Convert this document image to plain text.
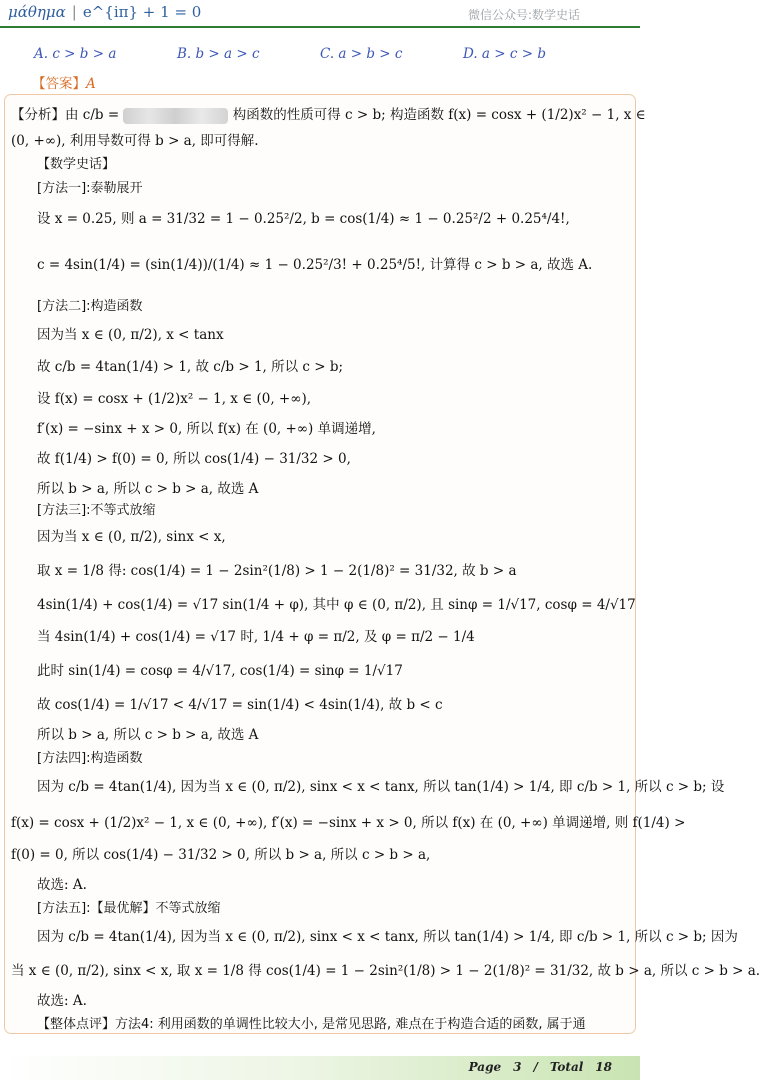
μάθημα | e^{iπ} + 1 = 0	微信公众号:数学史话
A. c > b > a	B. b > a > c	C. a > b > c	D. a > c > b
【答案】A
【分析】由 c/b =	构函数的性质可得 c > b; 构造函数 f(x) = cosx + (1/2)x² − 1, x ∈
(0, +∞), 利用导数可得 b > a, 即可得解.
【数学史话】
[方法一]:泰勒展开
设 x = 0.25, 则 a = 31/32 = 1 − 0.25²/2, b = cos(1/4) ≈ 1 − 0.25²/2 + 0.25⁴/4!,
c = 4sin(1/4) = (sin(1/4))/(1/4) ≈ 1 − 0.25²/3! + 0.25⁴/5!, 计算得 c > b > a, 故选 A.
[方法二]:构造函数
因为当 x ∈ (0, π/2), x < tanx
故 c/b = 4tan(1/4) > 1, 故 c/b > 1, 所以 c > b;
设 f(x) = cosx + (1/2)x² − 1, x ∈ (0, +∞),
f′(x) = −sinx + x > 0, 所以 f(x) 在 (0, +∞) 单调递增,
故 f(1/4) > f(0) = 0, 所以 cos(1/4) − 31/32 > 0,
所以 b > a, 所以 c > b > a, 故选 A
[方法三]:不等式放缩
因为当 x ∈ (0, π/2), sinx < x,
取 x = 1/8 得: cos(1/4) = 1 − 2sin²(1/8) > 1 − 2(1/8)² = 31/32, 故 b > a
4sin(1/4) + cos(1/4) = √17 sin(1/4 + φ), 其中 φ ∈ (0, π/2), 且 sinφ = 1/√17, cosφ = 4/√17
当 4sin(1/4) + cos(1/4) = √17 时, 1/4 + φ = π/2, 及 φ = π/2 − 1/4
此时 sin(1/4) = cosφ = 4/√17, cos(1/4) = sinφ = 1/√17
故 cos(1/4) = 1/√17 < 4/√17 = sin(1/4) < 4sin(1/4), 故 b < c
所以 b > a, 所以 c > b > a, 故选 A
[方法四]:构造函数
因为 c/b = 4tan(1/4), 因为当 x ∈ (0, π/2), sinx < x < tanx, 所以 tan(1/4) > 1/4, 即 c/b > 1, 所以 c > b; 设
f(x) = cosx + (1/2)x² − 1, x ∈ (0, +∞), f′(x) = −sinx + x > 0, 所以 f(x) 在 (0, +∞) 单调递增, 则 f(1/4) >
f(0) = 0, 所以 cos(1/4) − 31/32 > 0, 所以 b > a, 所以 c > b > a,
故选: A.
[方法五]:【最优解】不等式放缩
因为 c/b = 4tan(1/4), 因为当 x ∈ (0, π/2), sinx < x < tanx, 所以 tan(1/4) > 1/4, 即 c/b > 1, 所以 c > b; 因为
当 x ∈ (0, π/2), sinx < x, 取 x = 1/8 得 cos(1/4) = 1 − 2sin²(1/8) > 1 − 2(1/8)² = 31/32, 故 b > a, 所以 c > b > a.
故选: A.
【整体点评】方法4: 利用函数的单调性比较大小, 是常见思路, 难点在于构造合适的函数, 属于通
Page 3 / Total 18
